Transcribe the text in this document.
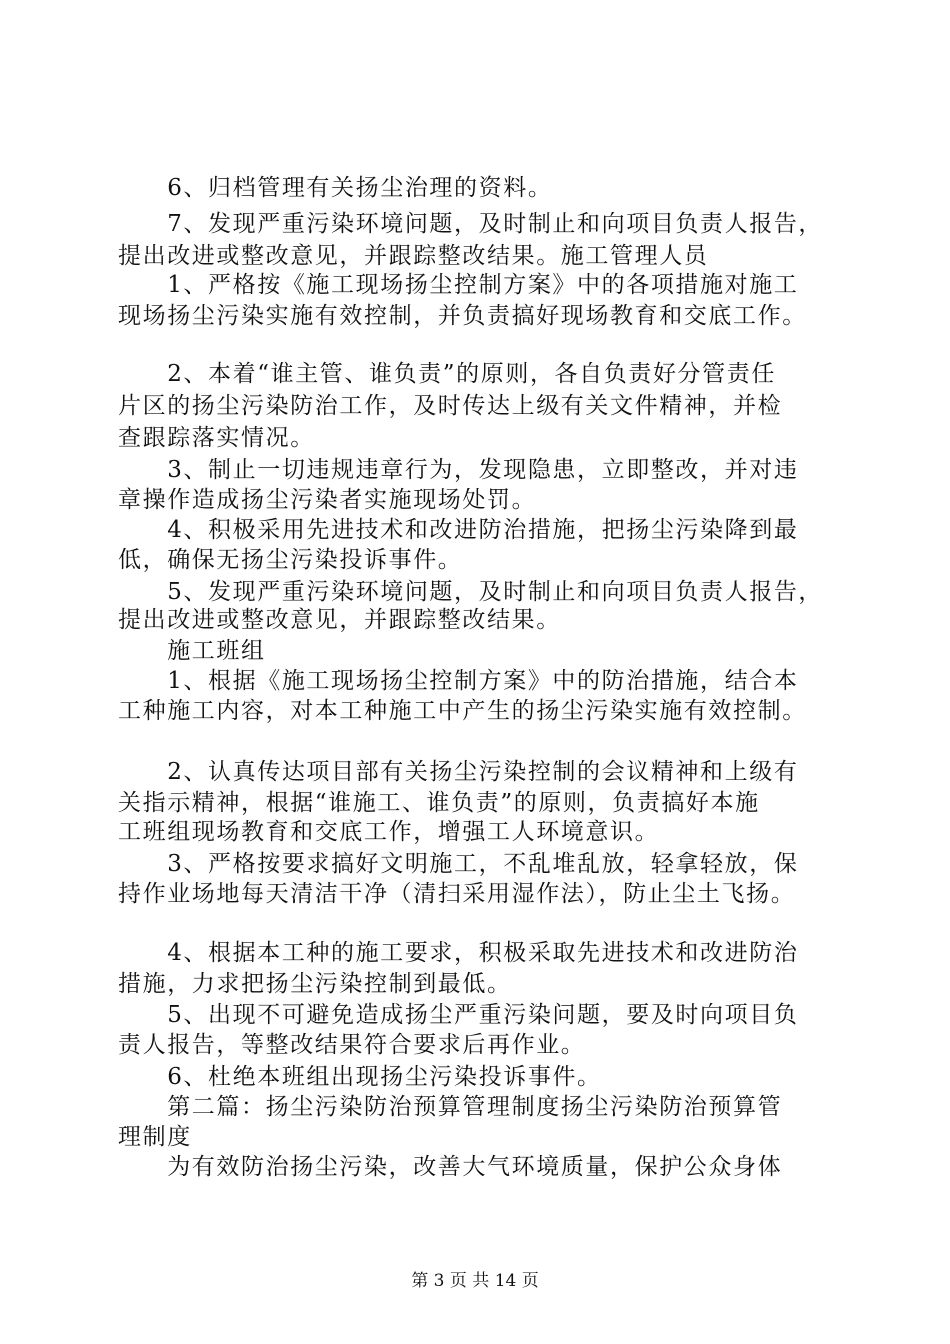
　　6、归档管理有关扬尘治理的资料。
　　7、发现严重污染环境问题，及时制止和向项目负责人报告，
提出改进或整改意见，并跟踪整改结果。施工管理人员
　　1、严格按《施工现场扬尘控制方案》中的各项措施对施工
现场扬尘污染实施有效控制，并负责搞好现场教育和交底工作。
　　2、本着“谁主管、谁负责”的原则，各自负责好分管责任
片区的扬尘污染防治工作，及时传达上级有关文件精神，并检
查跟踪落实情况。
　　3、制止一切违规违章行为，发现隐患，立即整改，并对违
章操作造成扬尘污染者实施现场处罚。
　　4、积极采用先进技术和改进防治措施，把扬尘污染降到最
低，确保无扬尘污染投诉事件。
　　5、发现严重污染环境问题，及时制止和向项目负责人报告，
提出改进或整改意见，并跟踪整改结果。
　　施工班组
　　1、根据《施工现场扬尘控制方案》中的防治措施，结合本
工种施工内容，对本工种施工中产生的扬尘污染实施有效控制。
　　2、认真传达项目部有关扬尘污染控制的会议精神和上级有
关指示精神，根据“谁施工、谁负责”的原则，负责搞好本施
工班组现场教育和交底工作，增强工人环境意识。
　　3、严格按要求搞好文明施工，不乱堆乱放，轻拿轻放，保
持作业场地每天清洁干净（清扫采用湿作法），防止尘土飞扬。
　　4、根据本工种的施工要求，积极采取先进技术和改进防治
措施，力求把扬尘污染控制到最低。
　　5、出现不可避免造成扬尘严重污染问题，要及时向项目负
责人报告，等整改结果符合要求后再作业。
　　6、杜绝本班组出现扬尘污染投诉事件。
　　第二篇：扬尘污染防治预算管理制度扬尘污染防治预算管
理制度
　　为有效防治扬尘污染，改善大气环境质量，保护公众身体
第 3 页 共 14 页
